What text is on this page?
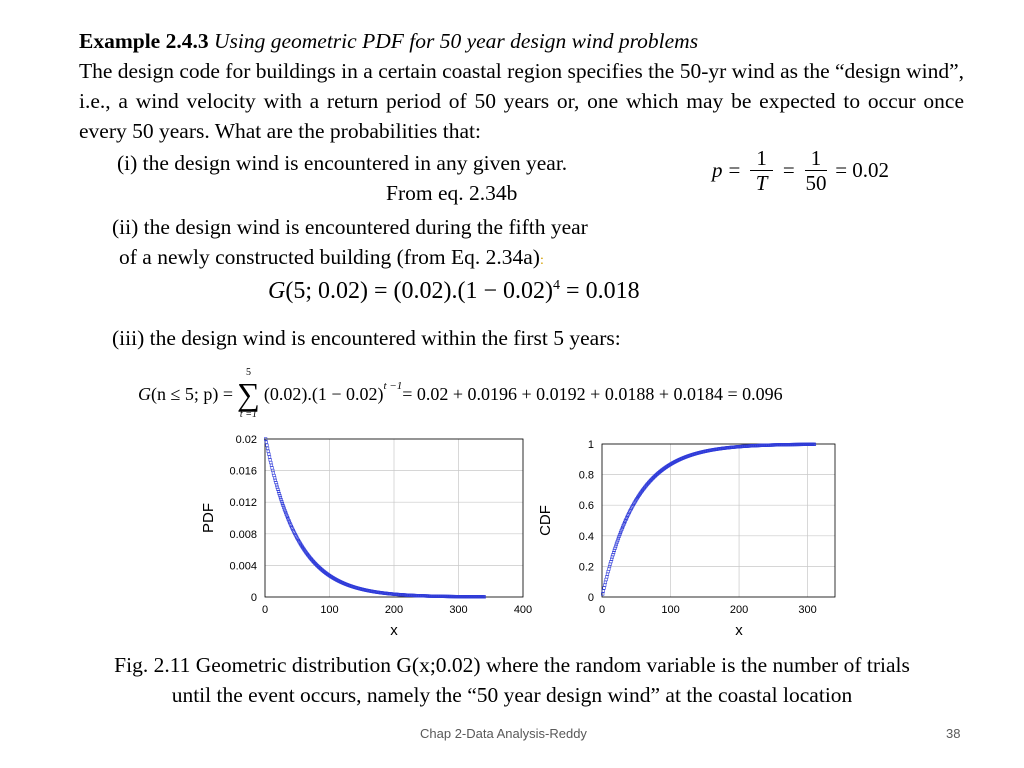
Example 2.4.3 Using geometric PDF for 50 year design wind problems
The design code for buildings in a certain coastal region specifies the 50-yr wind as the “design wind”, i.e., a wind velocity with a return period of 50 years or, one which may be expected to occur once every 50 years. What are the probabilities that:
(i) the design wind is encountered in any given year.
From eq. 2.34b
$p = \frac{1}{T} = \frac{1}{50} = 0.02$
(ii) the design wind is encountered during the fifth year
of a newly constructed building (from Eq. 2.34a):
G(5; $0.02) = (0.02).(1 - 0.02)^4 = 0.018$
(iii) the design wind is encountered within the first 5 years:
G (n ≤ 5; p) =
5
∑
t =1
$(0.02).(1 - 0.02)^{t -1} = 0.02 + 0.0196 + 0.0192 + 0.0188 + 0.0184 = 0.096$
0	100	200	300	400
0
0.004
0.008
0.012
0.016
0.02
x
PDF
0	100	200	300
0
0.2
0.4
0.6
0.8
1
x
CDF
Fig. 2.11 Geometric distribution G(x;0.02) where the random variable is the number of trials
until the event occurs, namely the “50 year design wind” at the coastal location
Chap 2-Data Analysis-Reddy	38
